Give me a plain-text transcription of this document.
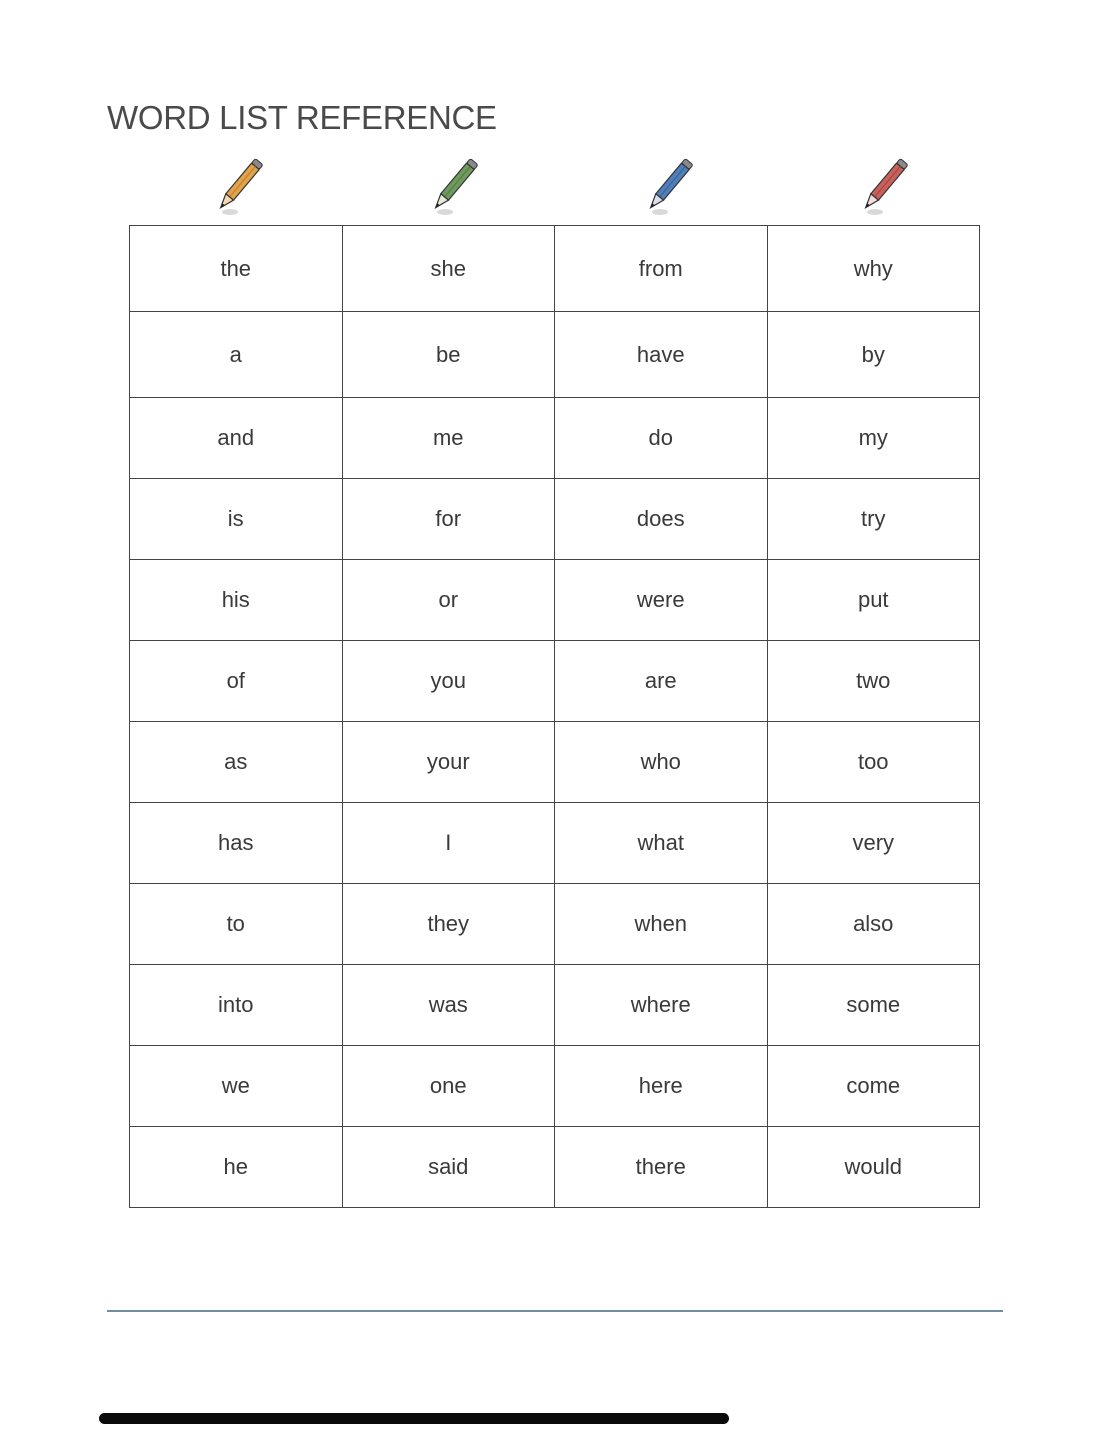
WORD LIST REFERENCE
the	she	from	why
a	be	have	by
and	me	do	my
is	for	does	try
his	or	were	put
of	you	are	two
as	your	who	too
has	I	what	very
to	they	when	also
into	was	where	some
we	one	here	come
he	said	there	would
